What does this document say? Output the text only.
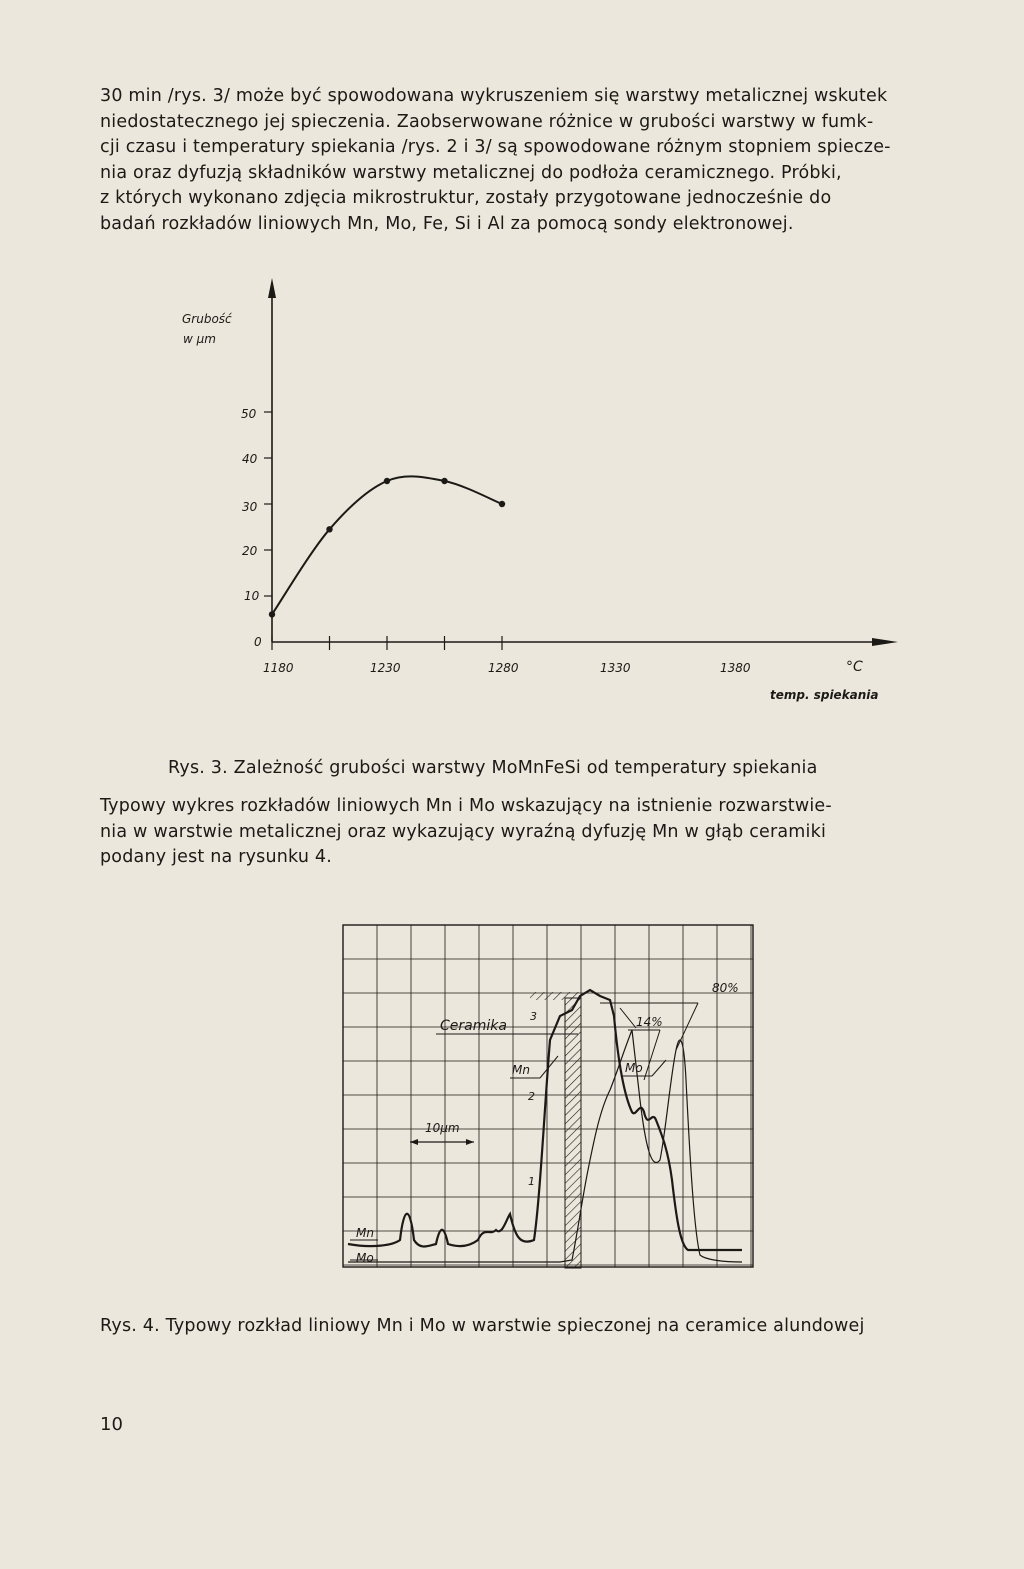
30 min /rys. 3/ może być spowodowana wykruszeniem się warstwy metalicznej wskutek
niedostatecznego jej spieczenia. Zaobserwowane różnice w grubości warstwy w fumk-
cji czasu i temperatury spiekania /rys. 2 i 3/ są spowodowane różnym stopniem spiecze-
nia oraz dyfuzją składników warstwy metalicznej do podłoża ceramicznego. Próbki,
z których wykonano zdjęcia mikrostruktur, zostały przygotowane jednocześnie do
badań rozkładów liniowych Mn, Mo, Fe, Si i Al za pomocą sondy elektronowej.
0
10
20
30
40
50
1180	1230	1280	1330	1380
Grubość
w μm
°C
temp. spiekania
Rys. 3. Zależność grubości warstwy MoMnFeSi od temperatury spiekania
Typowy wykres rozkładów liniowych Mn i Mo wskazujący na istnienie rozwarstwie-
nia w warstwie metalicznej oraz wykazujący wyraźną dyfuzję Mn w głąb ceramiki
podany jest na rysunku 4.
Ceramika
Mn	Mo
10μm
80%
14%
Mn
Mo
3
2
1
Rys. 4. Typowy rozkład liniowy Mn i Mo w warstwie spieczonej na ceramice alundowej
10
